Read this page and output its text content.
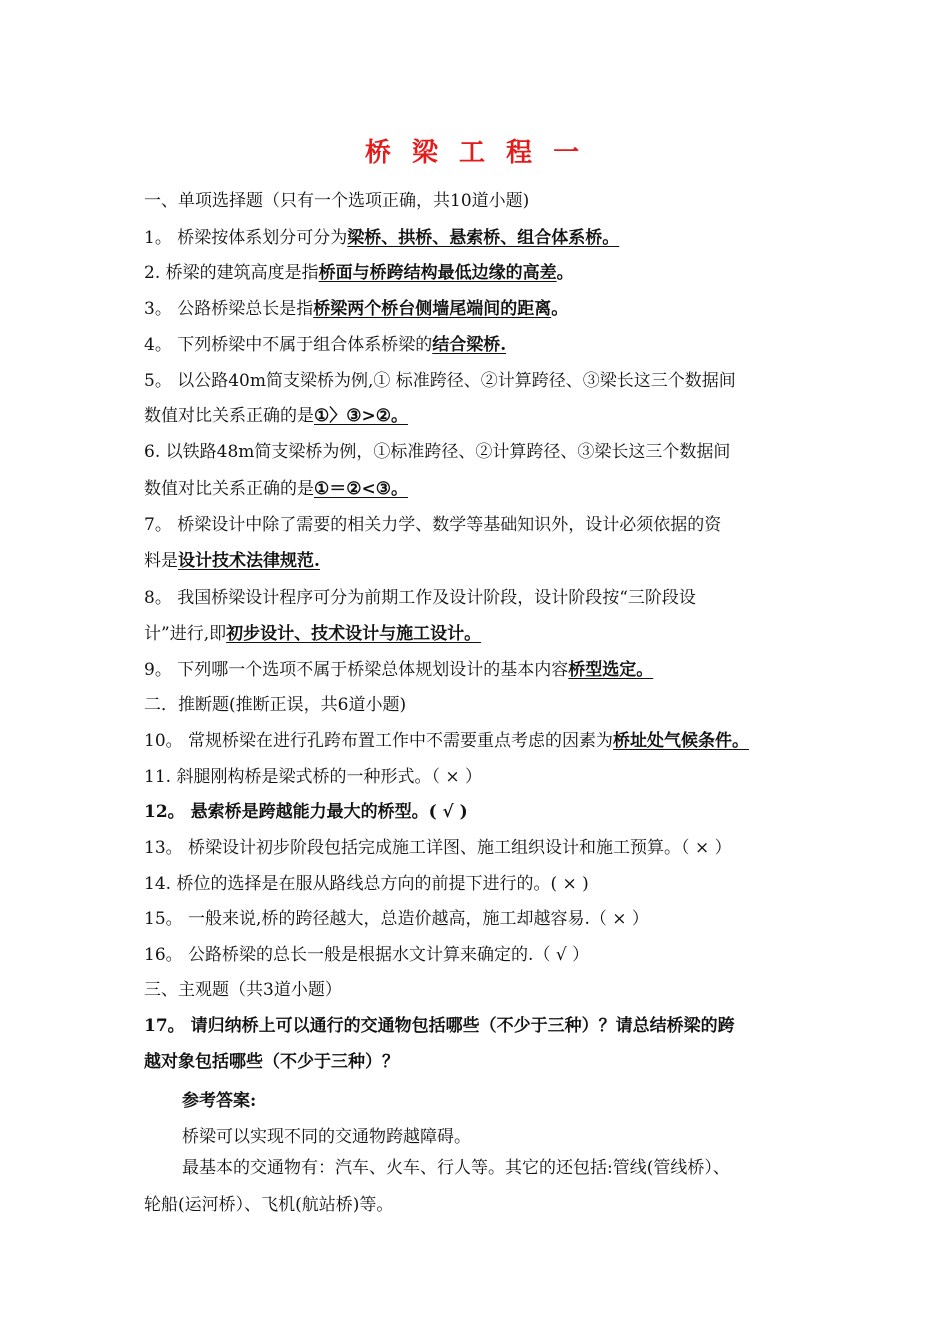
桥 梁 工 程 一
一、单项选择题（只有一个选项正确，共10道小题)
1。 桥梁按体系划分可分为梁桥、拱桥、悬索桥、组合体系桥。
2. 桥梁的建筑高度是指桥面与桥跨结构最低边缘的高差。
3。 公路桥梁总长是指桥梁两个桥台侧墙尾端间的距离。
4。 下列桥梁中不属于组合体系桥梁的结合梁桥.
5。 以公路40m简支梁桥为例,① 标准跨径、②计算跨径、③梁长这三个数据间
数值对比关系正确的是①〉③>②。
6. 以铁路48m简支梁桥为例，①标准跨径、②计算跨径、③梁长这三个数据间
数值对比关系正确的是①＝②<③。
7。 桥梁设计中除了需要的相关力学、数学等基础知识外，设计必须依据的资
料是设计技术法律规范.
8。 我国桥梁设计程序可分为前期工作及设计阶段，设计阶段按“三阶段设
计”进行,即初步设计、技术设计与施工设计。
9。 下列哪一个选项不属于桥梁总体规划设计的基本内容桥型选定。
二．推断题(推断正误，共6道小题)
10。 常规桥梁在进行孔跨布置工作中不需要重点考虑的因素为桥址处气候条件。
11. 斜腿刚构桥是梁式桥的一种形式。（ × ）
12。 悬索桥是跨越能力最大的桥型。( √ )
13。 桥梁设计初步阶段包括完成施工详图、施工组织设计和施工预算。（ × ）
14. 桥位的选择是在服从路线总方向的前提下进行的。( × )
15。 一般来说,桥的跨径越大，总造价越高，施工却越容易.（ × ）
16。 公路桥梁的总长一般是根据水文计算来确定的.（ √ ）
三、主观题（共3道小题）
17。 请归纳桥上可以通行的交通物包括哪些（不少于三种）？请总结桥梁的跨
越对象包括哪些（不少于三种）？
参考答案:
桥梁可以实现不同的交通物跨越障碍。
最基本的交通物有：汽车、火车、行人等。其它的还包括:管线(管线桥）、
轮船(运河桥）、飞机(航站桥)等。
